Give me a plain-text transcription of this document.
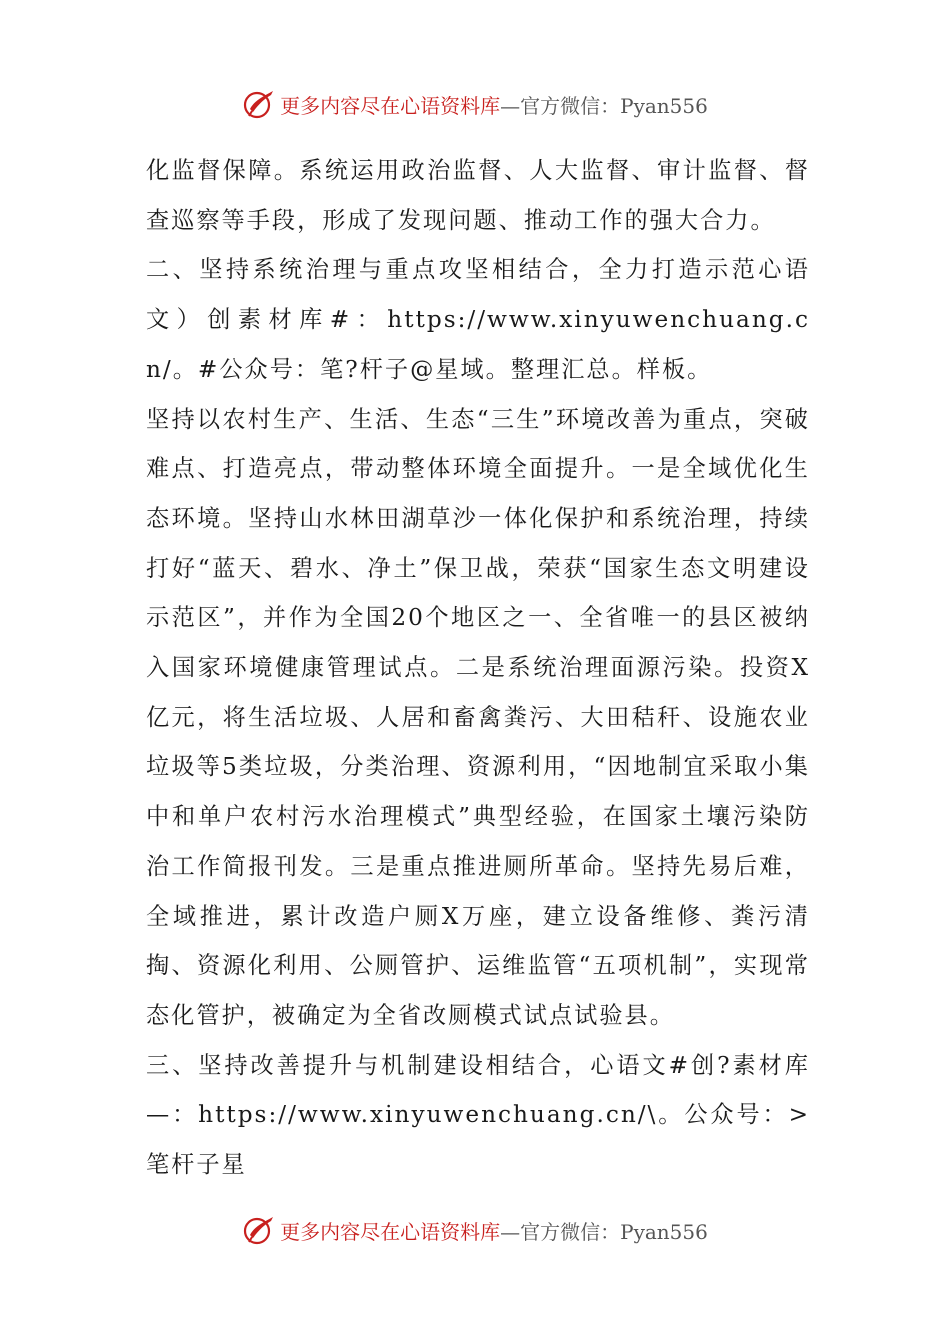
更多内容尽在心语资料库 —官方微信：Pyan556

化监督保障。系统运用政治监督、人大监督、审计监督、督查巡察等手段，形成了发现问题、推动工作的强大合力。

二、坚持系统治理与重点攻坚相结合，全力打造示范心语文）创素材库#：https://www.xinyuwenchuang.cn/。#公众号：笔?杆子@星域。整理汇总。样板。

坚持以农村生产、生活、生态“三生”环境改善为重点，突破难点、打造亮点，带动整体环境全面提升。一是全域优化生态环境。坚持山水林田湖草沙一体化保护和系统治理，持续打好“蓝天、碧水、净土”保卫战，荣获“国家生态文明建设示范区”，并作为全国20个地区之一、全省唯一的县区被纳入国家环境健康管理试点。二是系统治理面源污染。投资X亿元，将生活垃圾、人居和畜禽粪污、大田秸秆、设施农业垃圾等5类垃圾，分类治理、资源利用，“因地制宜采取小集中和单户农村污水治理模式”典型经验，在国家土壤污染防治工作简报刊发。三是重点推进厕所革命。坚持先易后难，全域推进，累计改造户厕X万座，建立设备维修、粪污清掏、资源化利用、公厕管护、运维监管“五项机制”，实现常态化管护，被确定为全省改厕模式试点试验县。

三、坚持改善提升与机制建设相结合，心语文#创?素材库—：https://www.xinyuwenchuang.cn/\。公众号：>笔杆子星

更多内容尽在心语资料库 —官方微信：Pyan556
